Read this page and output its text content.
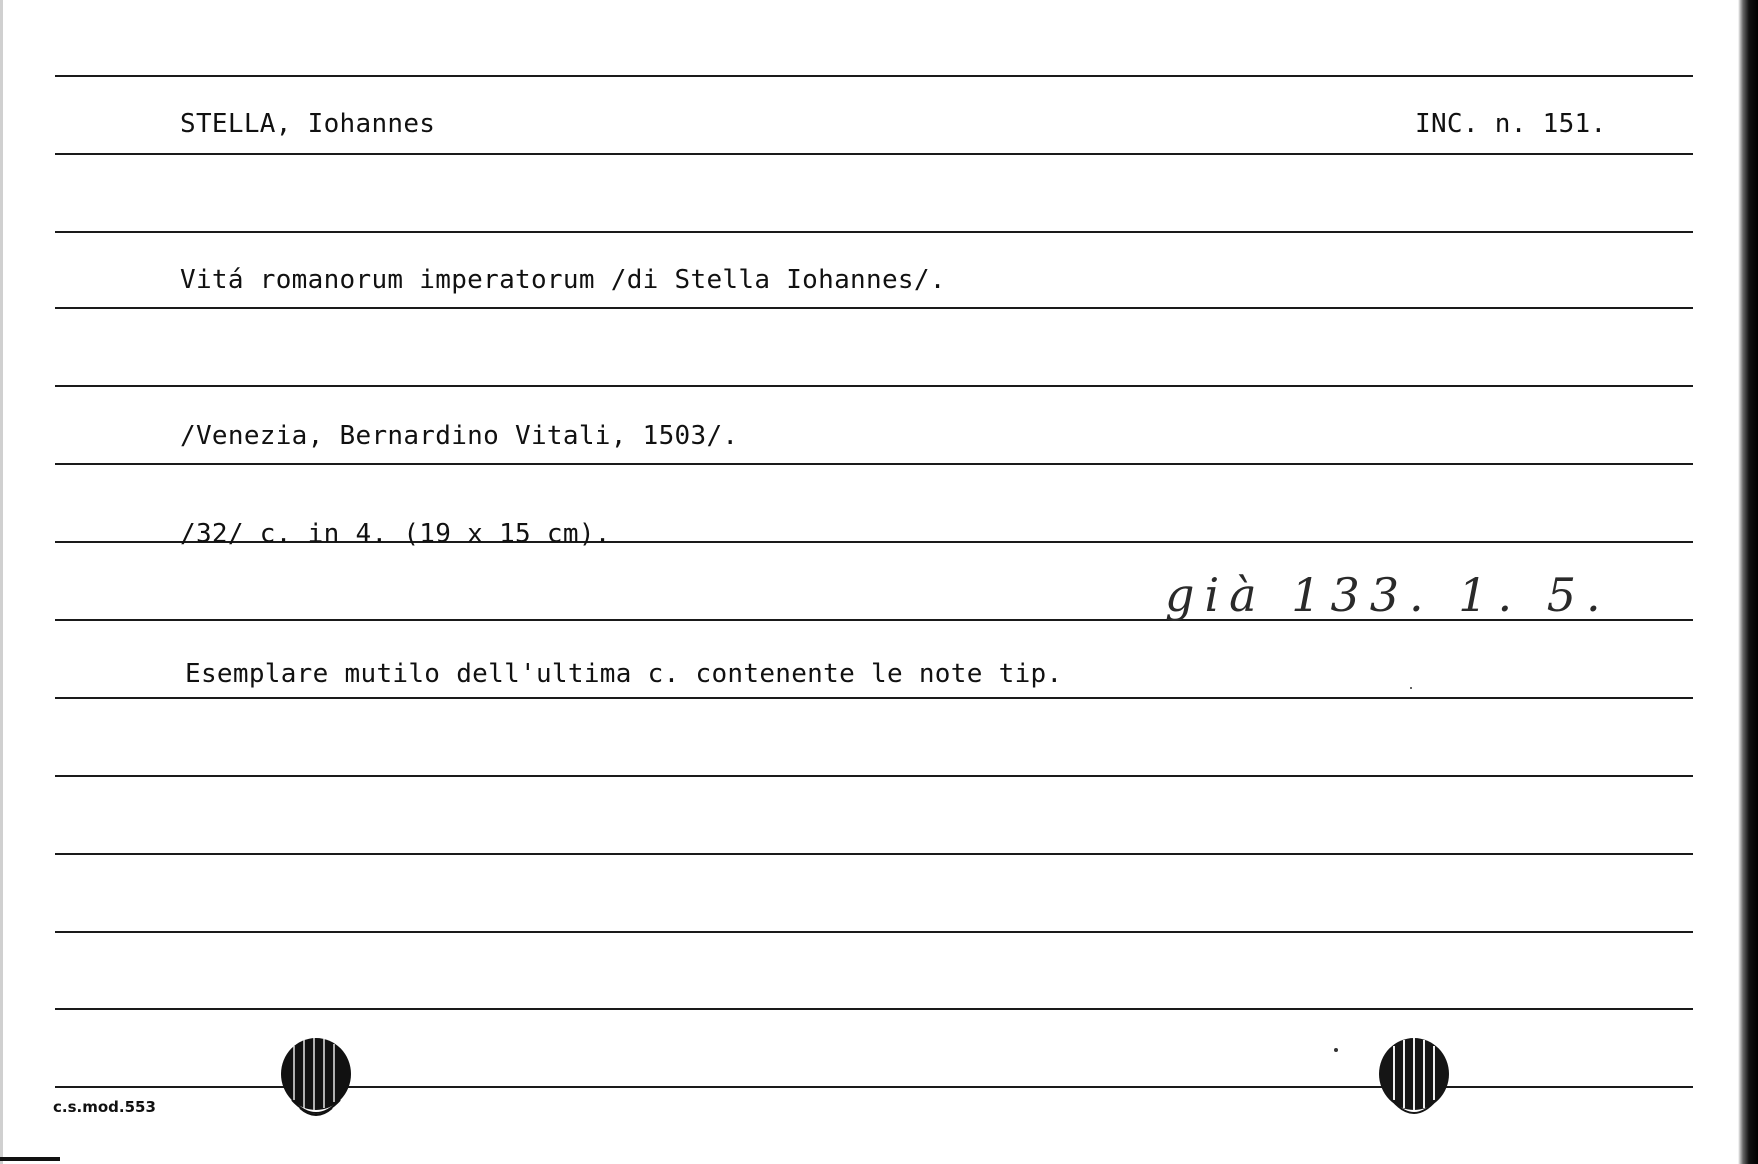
STELLA, Iohannes	INC. n. 151.
Vitá romanorum imperatorum /di Stella Iohannes/.
/Venezia, Bernardino Vitali, 1503/.
/32/ c. in 4. (19 x 15 cm).
Esemplare mutilo dell'ultima c. contenente le note tip.
già 133. 1. 5.
c.s.mod.553
